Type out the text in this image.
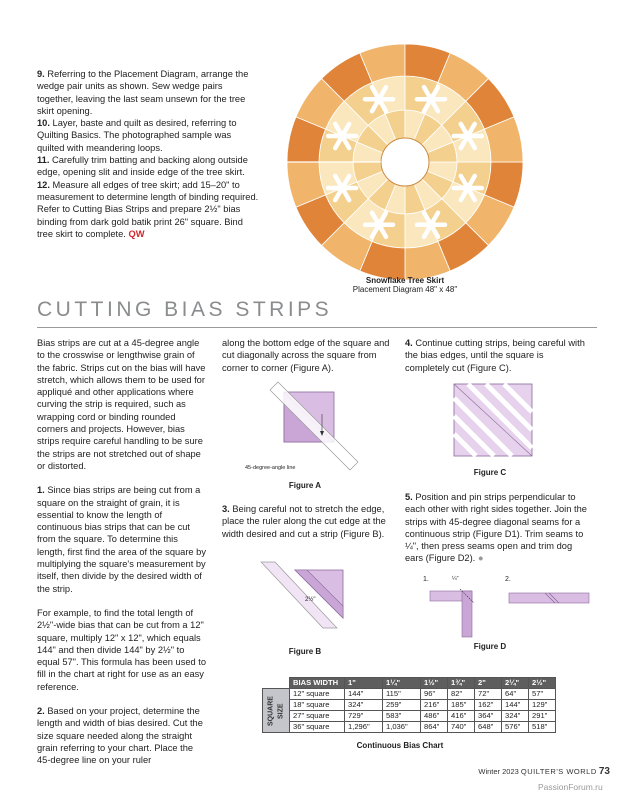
9. Referring to the Placement Diagram, arrange the wedge pair units as shown. Sew wedge pairs together, leaving the last seam unsewn for the tree skirt opening.
10. Layer, baste and quilt as desired, referring to Quilting Basics. The photographed sample was quilted with meandering loops.
11. Carefully trim batting and backing along outside edge, opening slit and inside edge of the tree skirt.
12. Measure all edges of tree skirt; add 15–20" to measurement to determine length of binding required. Refer to Cutting Bias Strips and prepare 2½" bias binding from dark gold batik print 26" square. Bind tree skirt to complete. QW
Snowflake Tree Skirt
Placement Diagram 48" x 48"
CUTTING BIAS STRIPS
Bias strips are cut at a 45-degree angle to the crosswise or lengthwise grain of the fabric. Strips cut on the bias will have stretch, which allows them to be used for appliqué and other applications where curving the strip is required, such as wrapping cord or binding rounded corners and projects. However, bias strips require careful handling to be sure the strips are not stretched out of shape or distorted.
1. Since bias strips are being cut from a square on the straight of grain, it is essential to know the length of continuous bias strips that can be cut from the square. To determine this length, first find the area of the square by multiplying the square's measurement by itself, then divide by the desired width of the strip.
For example, to find the total length of 2½"-wide bias that can be cut from a 12" square, multiply 12" x 12", which equals 144" and then divide 144" by 2½" to equal 57". This formula has been used to fill in the chart at right for use as an easy reference.
2. Based on your project, determine the length and width of bias desired. Cut the size square needed along the straight grain referring to your chart. Place the 45-degree line on your ruler
along the bottom edge of the square and cut diagonally across the square from corner to corner (Figure A).
45-degree-angle line
Figure A
3. Being careful not to stretch the edge, place the ruler along the cut edge at the width desired and cut a strip (Figure B).
2½"
Figure B
4. Continue cutting strips, being careful with the bias edges, until the square is completely cut (Figure C).
Figure C
5. Position and pin strips perpendicular to each other with right sides together. Join the strips with 45-degree diagonal seams for a continuous strip (Figure D1). Trim seams to ¼", then press seams open and trim dog ears (Figure D2). ●
1.	2.
¼"
Figure D
	BIAS WIDTH	1"	1¼"	1½"	1¾"	2"	2¼"	2½"
SQUARE SIZE	12" square	144"	115"	96"	82"	72"	64"	57"
	18" square	324"	259"	216"	185"	162"	144"	129"
	27" square	729"	583"	486"	416"	364"	324"	291"
	36" square	1,296"	1,036"	864"	740"	648"	576"	518"
Continuous Bias Chart
Winter 2023 QUILTER'S WORLD 73
PassionForum.ru
